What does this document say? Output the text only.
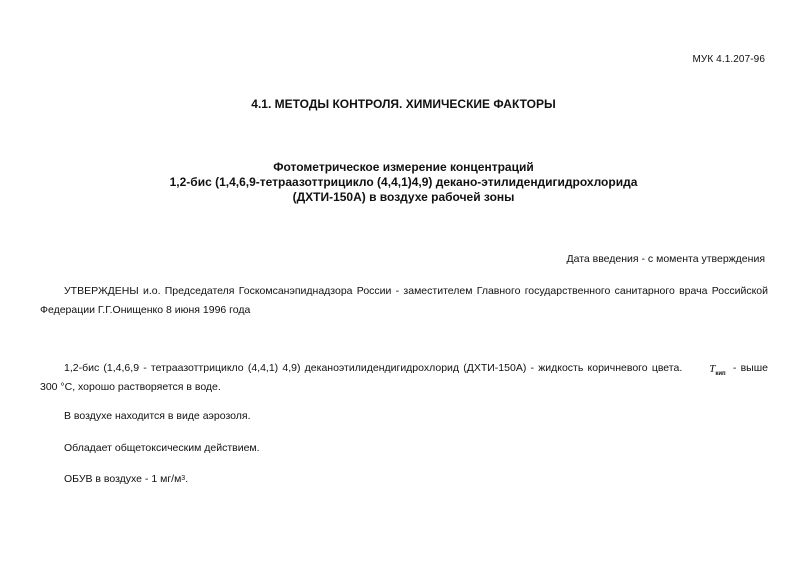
МУК 4.1.207-96
4.1. МЕТОДЫ КОНТРОЛЯ. ХИМИЧЕСКИЕ ФАКТОРЫ
Фотометрическое измерение концентраций
1,2-бис (1,4,6,9-тетраазоттрицикло (4,4,1)4,9) декано-этилидендигидрохлорида
(ДХТИ-150А) в воздухе рабочей зоны
Дата введения - с момента утверждения
УТВЕРЖДЕНЫ и.о. Председателя Госкомсанэпиднадзора России - заместителем Главного государственного санитарного врача Российской Федерации Г.Г.Онищенко 8 июня 1996 года
1,2-бис (1,4,6,9 - тетраазоттрицикло (4,4,1) 4,9) деканоэтилидендигидрохлорид (ДХТИ-150А) - жидкость коричневого цвета. $T_{кип}$ - выше 300 °С, хорошо растворяется в воде.
В воздухе находится в виде аэрозоля.
Обладает общетоксическим действием.
ОБУВ в воздухе - 1 $мг/м^3$.
